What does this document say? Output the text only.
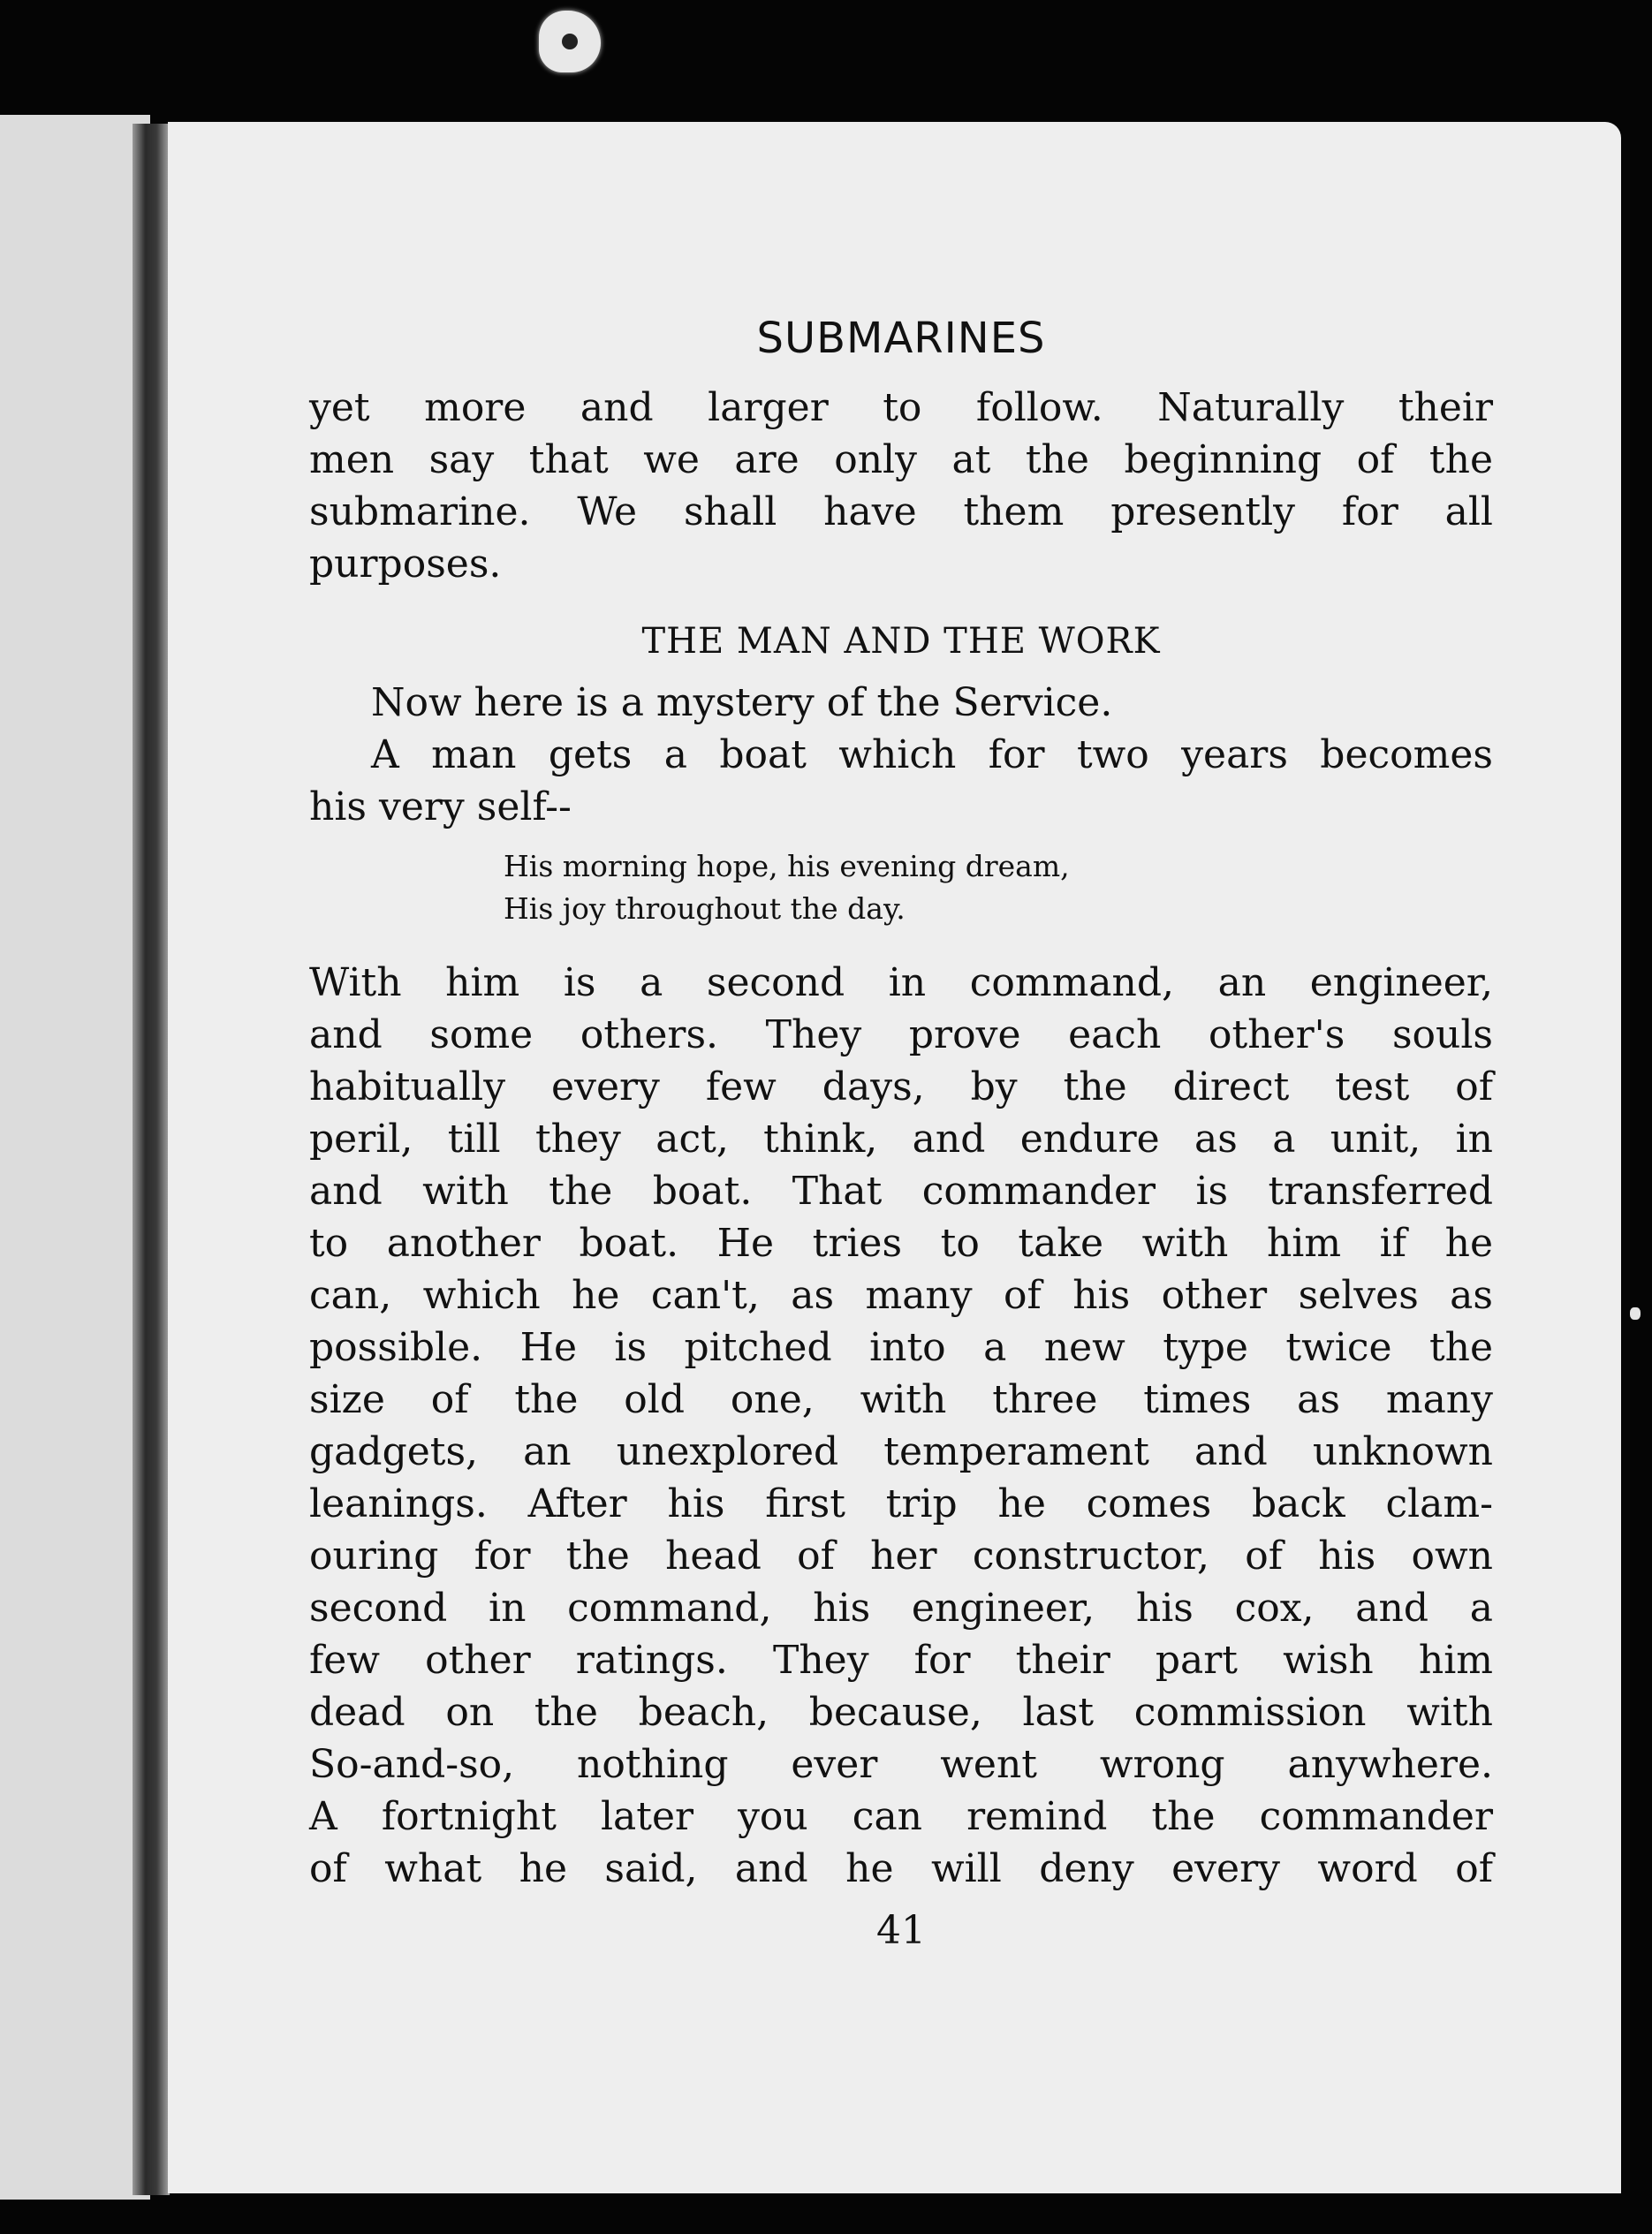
SUBMARINES
yet more and larger to follow. Naturally their
men say that we are only at the beginning of the
submarine. We shall have them presently for all
purposes.
THE MAN AND THE WORK
Now here is a mystery of the Service.
A man gets a boat which for two years becomes
his very self--
His morning hope, his evening dream,
His joy throughout the day.
With him is a second in command, an engineer,
and some others. They prove each other's souls
habitually every few days, by the direct test of
peril, till they act, think, and endure as a unit, in
and with the boat. That commander is transferred
to another boat. He tries to take with him if he
can, which he can't, as many of his other selves as
possible. He is pitched into a new type twice the
size of the old one, with three times as many
gadgets, an unexplored temperament and unknown
leanings. After his first trip he comes back clam-
ouring for the head of her constructor, of his own
second in command, his engineer, his cox, and a
few other ratings. They for their part wish him
dead on the beach, because, last commission with
So-and-so, nothing ever went wrong anywhere.
A fortnight later you can remind the commander
of what he said, and he will deny every word of
41
